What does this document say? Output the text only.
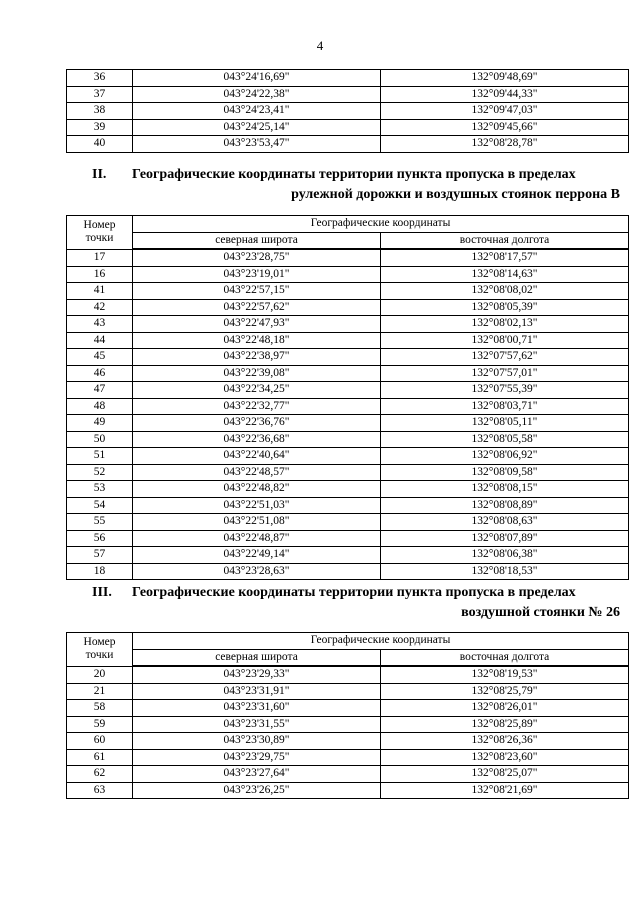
4
36	043°24'16,69"	132°09'48,69"
37	043°24'22,38"	132°09'44,33"
38	043°24'23,41"	132°09'47,03"
39	043°24'25,14"	132°09'45,66"
40	043°23'53,47"	132°08'28,78"
II. Географические координаты территории пункта пропуска в пределах
рулежной дорожки и воздушных стоянок перрона В
Номер
точки	Географические координаты	
	северная широта	восточная долгота
17	043°23'28,75"	132°08'17,57"
16	043°23'19,01"	132°08'14,63"
41	043°22'57,15"	132°08'08,02"
42	043°22'57,62"	132°08'05,39"
43	043°22'47,93"	132°08'02,13"
44	043°22'48,18"	132°08'00,71"
45	043°22'38,97"	132°07'57,62"
46	043°22'39,08"	132°07'57,01"
47	043°22'34,25"	132°07'55,39"
48	043°22'32,77"	132°08'03,71"
49	043°22'36,76"	132°08'05,11"
50	043°22'36,68"	132°08'05,58"
51	043°22'40,64"	132°08'06,92"
52	043°22'48,57"	132°08'09,58"
53	043°22'48,82"	132°08'08,15"
54	043°22'51,03"	132°08'08,89"
55	043°22'51,08"	132°08'08,63"
56	043°22'48,87"	132°08'07,89"
57	043°22'49,14"	132°08'06,38"
18	043°23'28,63"	132°08'18,53"
III. Географические координаты территории пункта пропуска в пределах
воздушной стоянки № 26
Номер
точки	Географические координаты	
	северная широта	восточная долгота
20	043°23'29,33"	132°08'19,53"
21	043°23'31,91"	132°08'25,79"
58	043°23'31,60"	132°08'26,01"
59	043°23'31,55"	132°08'25,89"
60	043°23'30,89"	132°08'26,36"
61	043°23'29,75"	132°08'23,60"
62	043°23'27,64"	132°08'25,07"
63	043°23'26,25"	132°08'21,69"
